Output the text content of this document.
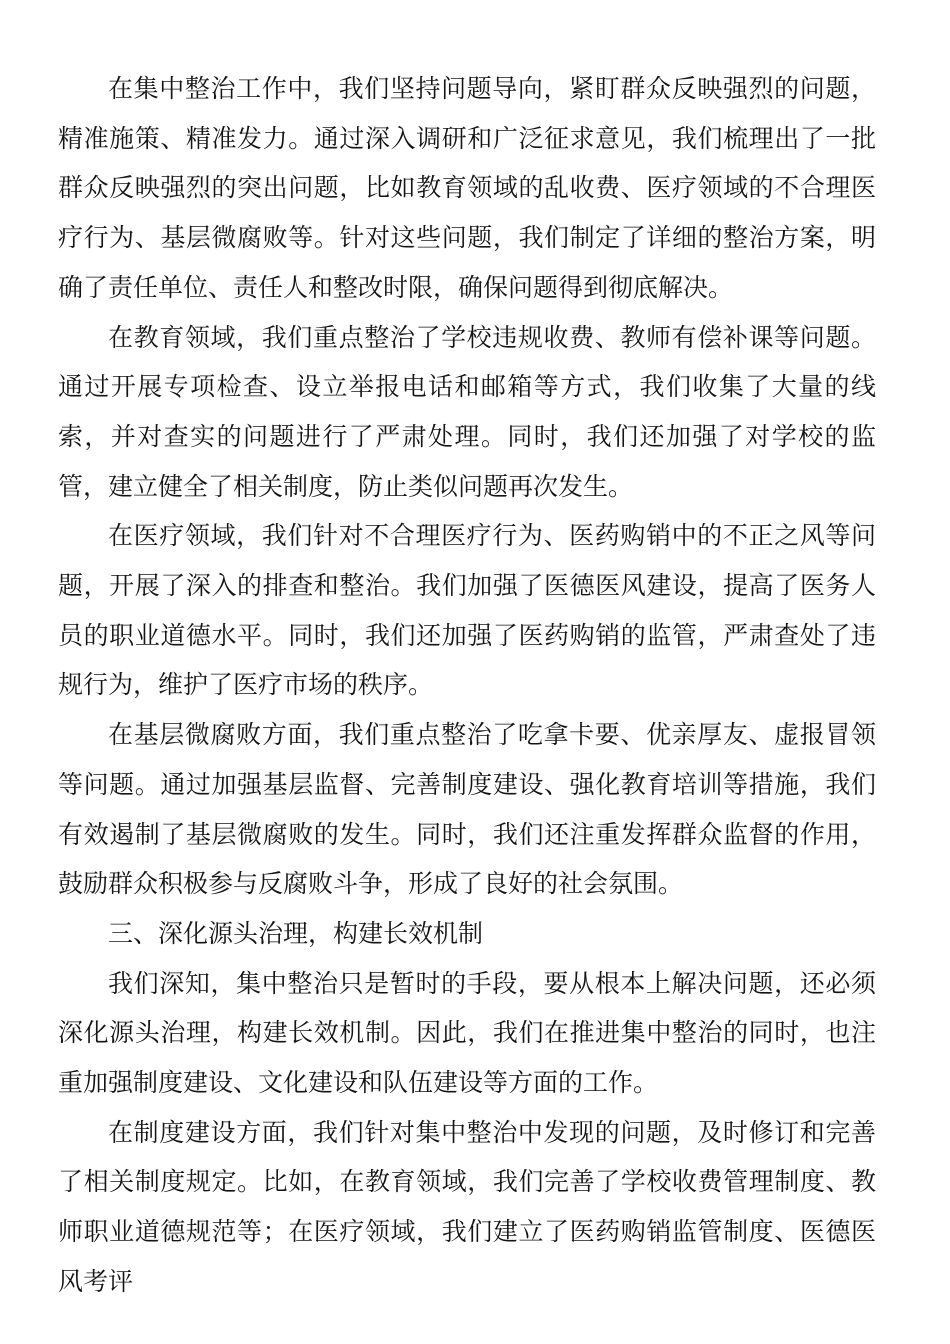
在集中整治工作中，我们坚持问题导向，紧盯群众反映强烈的问题，精准施策、精准发力。通过深入调研和广泛征求意见，我们梳理出了一批群众反映强烈的突出问题，比如教育领域的乱收费、医疗领域的不合理医疗行为、基层微腐败等。针对这些问题，我们制定了详细的整治方案，明确了责任单位、责任人和整改时限，确保问题得到彻底解决。

在教育领域，我们重点整治了学校违规收费、教师有偿补课等问题。通过开展专项检查、设立举报电话和邮箱等方式，我们收集了大量的线索，并对查实的问题进行了严肃处理。同时，我们还加强了对学校的监管，建立健全了相关制度，防止类似问题再次发生。

在医疗领域，我们针对不合理医疗行为、医药购销中的不正之风等问题，开展了深入的排查和整治。我们加强了医德医风建设，提高了医务人员的职业道德水平。同时，我们还加强了医药购销的监管，严肃查处了违规行为，维护了医疗市场的秩序。

在基层微腐败方面，我们重点整治了吃拿卡要、优亲厚友、虚报冒领等问题。通过加强基层监督、完善制度建设、强化教育培训等措施，我们有效遏制了基层微腐败的发生。同时，我们还注重发挥群众监督的作用，鼓励群众积极参与反腐败斗争，形成了良好的社会氛围。

三、深化源头治理，构建长效机制

我们深知，集中整治只是暂时的手段，要从根本上解决问题，还必须深化源头治理，构建长效机制。因此，我们在推进集中整治的同时，也注重加强制度建设、文化建设和队伍建设等方面的工作。

在制度建设方面，我们针对集中整治中发现的问题，及时修订和完善了相关制度规定。比如，在教育领域，我们完善了学校收费管理制度、教师职业道德规范等；在医疗领域，我们建立了医药购销监管制度、医德医风考评
